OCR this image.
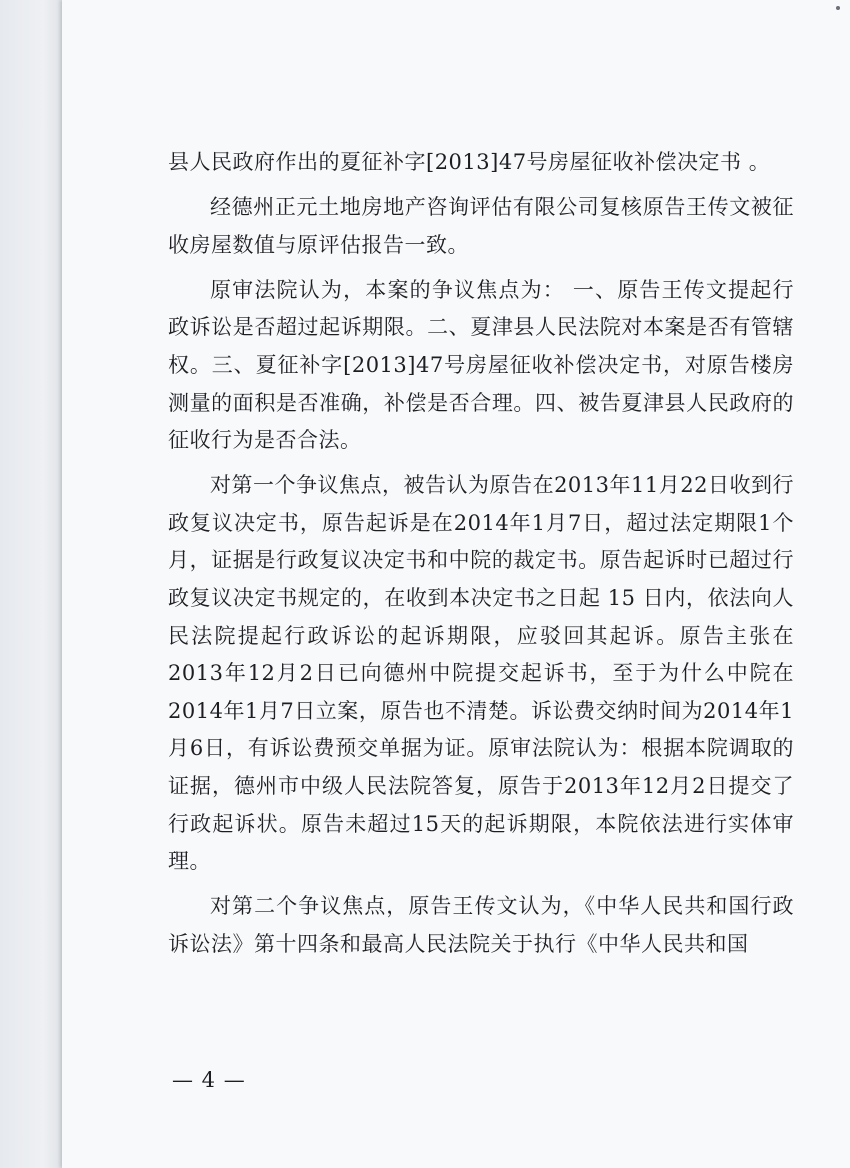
县人民政府作出的夏征补字[2013]47号房屋征收补偿决定书 。

经德州正元土地房地产咨询评估有限公司复核原告王传文被征收房屋数值与原评估报告一致。

原审法院认为，本案的争议焦点为： 一、原告王传文提起行政诉讼是否超过起诉期限。二、夏津县人民法院对本案是否有管辖权。三、夏征补字[2013]47号房屋征收补偿决定书，对原告楼房测量的面积是否准确，补偿是否合理。四、被告夏津县人民政府的征收行为是否合法。

对第一个争议焦点，被告认为原告在2013年11月22日收到行政复议决定书，原告起诉是在2014年1月7日，超过法定期限1个月，证据是行政复议决定书和中院的裁定书。原告起诉时已超过行政复议决定书规定的，在收到本决定书之日起 15 日内，依法向人民法院提起行政诉讼的起诉期限，应驳回其起诉。原告主张在2013年12月2日已向德州中院提交起诉书，至于为什么中院在2014年1月7日立案，原告也不清楚。诉讼费交纳时间为2014年1月6日，有诉讼费预交单据为证。原审法院认为：根据本院调取的证据，德州市中级人民法院答复，原告于2013年12月2日提交了行政起诉状。原告未超过15天的起诉期限，本院依法进行实体审理。

对第二个争议焦点，原告王传文认为，《中华人民共和国行政诉讼法》第十四条和最高人民法院关于执行《中华人民共和国

— 4 —
